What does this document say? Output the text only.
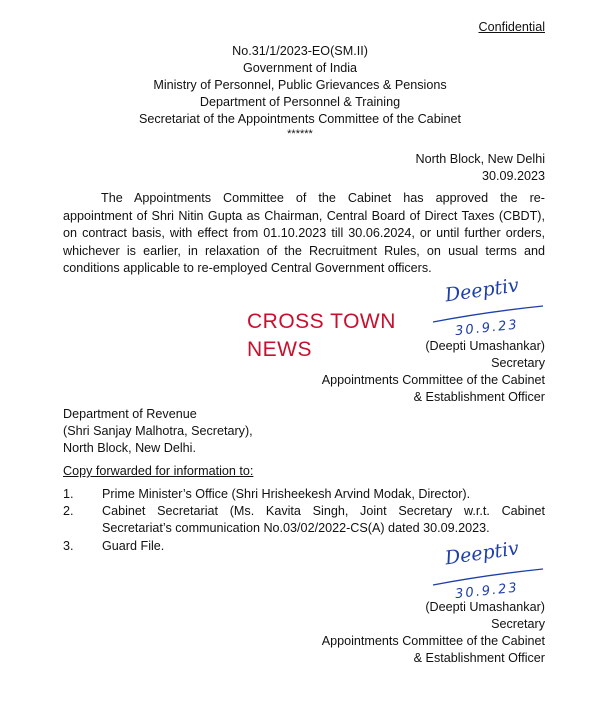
Confidential
No.31/1/2023-EO(SM.II)
Government of India
Ministry of Personnel, Public Grievances & Pensions
Department of Personnel & Training
Secretariat of the Appointments Committee of the Cabinet
******
North Block, New Delhi
30.09.2023
The Appointments Committee of the Cabinet has approved the re-
appointment of Shri Nitin Gupta as Chairman, Central Board of Direct Taxes (CBDT),
on contract basis, with effect from 01.10.2023 till 30.06.2024, or until further orders,
whichever is earlier, in relaxation of the Recruitment Rules, on usual terms and
conditions applicable to re-employed Central Government officers.
CROSS TOWN
NEWS
Deeptiv
30.9.23
(Deepti Umashankar)
Secretary
Appointments Committee of the Cabinet
& Establishment Officer
Department of Revenue
(Shri Sanjay Malhotra, Secretary),
North Block, New Delhi.
Copy forwarded for information to:
1. Prime Minister’s Office (Shri Hrisheekesh Arvind Modak, Director).
2. Cabinet Secretariat (Ms. Kavita Singh, Joint Secretary w.r.t. Cabinet
Secretariat’s communication No.03/02/2022-CS(A) dated 30.09.2023.
3. Guard File.	Deeptiv
30.9.23
(Deepti Umashankar)
Secretary
Appointments Committee of the Cabinet
& Establishment Officer
